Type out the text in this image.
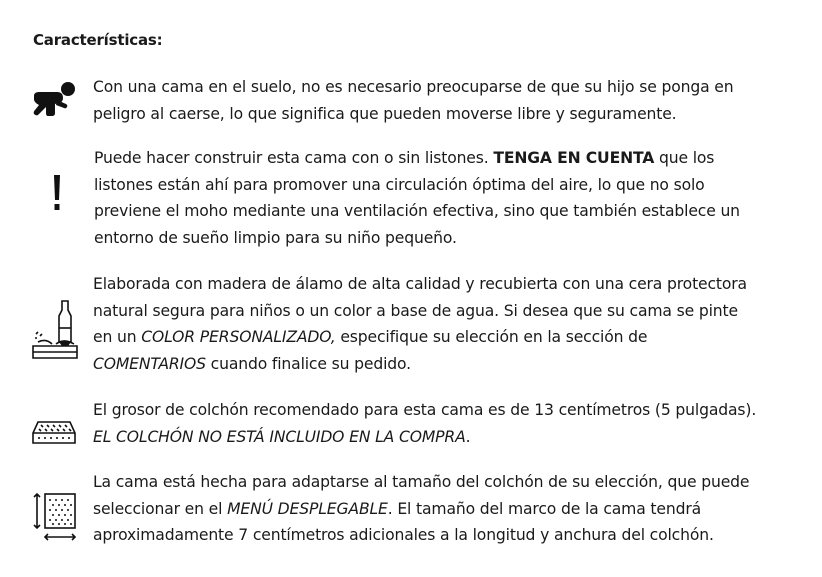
Características:
Con una cama en el suelo, no es necesario preocuparse de que su hijo se ponga en
peligro al caerse, lo que significa que pueden moverse libre y seguramente.
Puede hacer construir esta cama con o sin listones. TENGA EN CUENTA que los
listones están ahí para promover una circulación óptima del aire, lo que no solo
previene el moho mediante una ventilación efectiva, sino que también establece un
entorno de sueño limpio para su niño pequeño.
Elaborada con madera de álamo de alta calidad y recubierta con una cera protectora
natural segura para niños o un color a base de agua. Si desea que su cama se pinte
en un COLOR PERSONALIZADO, especifique su elección en la sección de
COMENTARIOS cuando finalice su pedido.
El grosor de colchón recomendado para esta cama es de 13 centímetros (5 pulgadas).
EL COLCHÓN NO ESTÁ INCLUIDO EN LA COMPRA.
La cama está hecha para adaptarse al tamaño del colchón de su elección, que puede
seleccionar en el MENÚ DESPLEGABLE. El tamaño del marco de la cama tendrá
aproximadamente 7 centímetros adicionales a la longitud y anchura del colchón.
